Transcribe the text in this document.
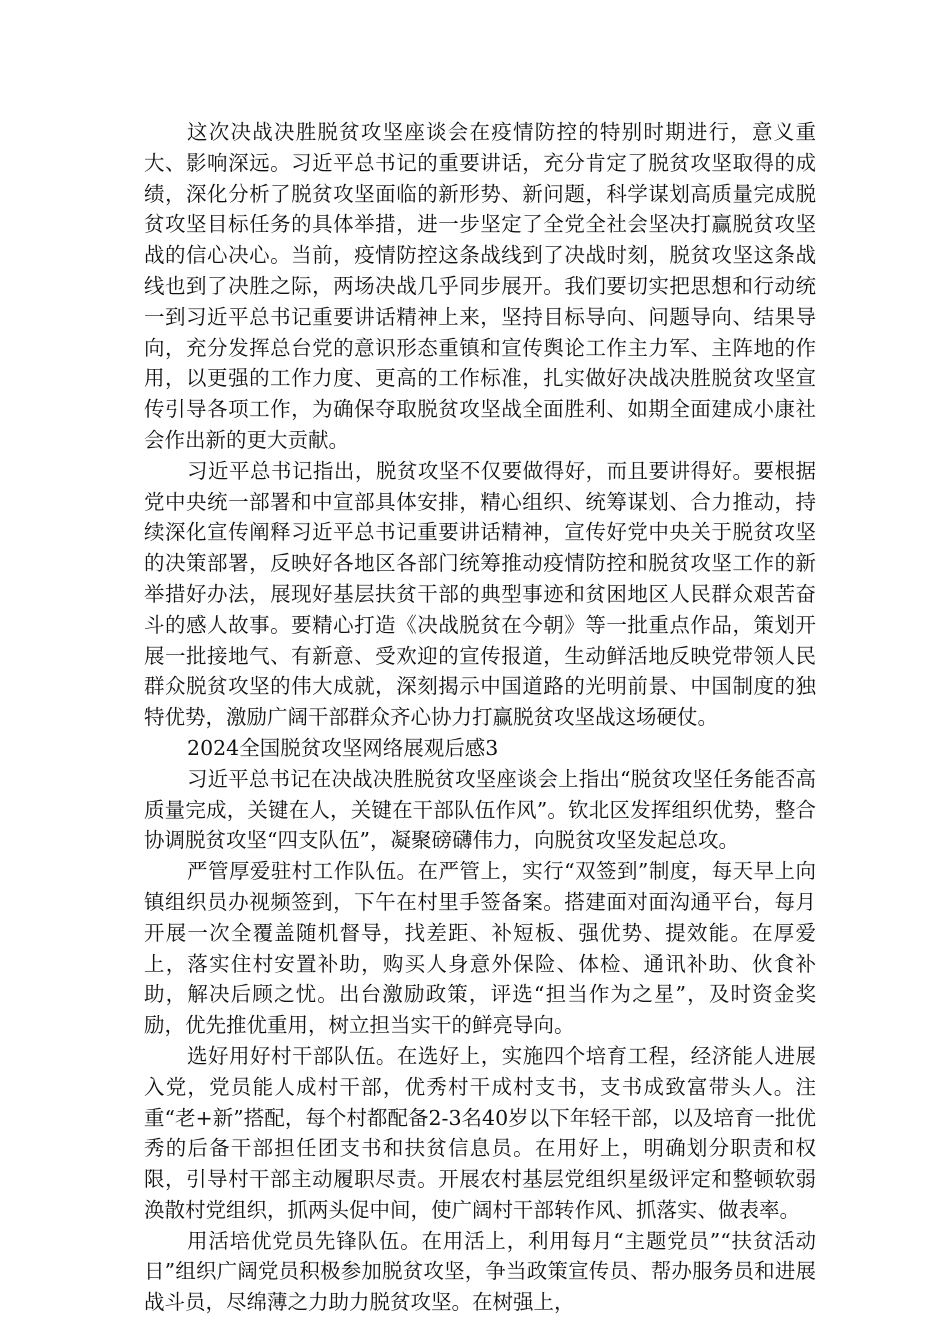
这次决战决胜脱贫攻坚座谈会在疫情防控的特别时期进行，意义重大、影响深远。习近平总书记的重要讲话，充分肯定了脱贫攻坚取得的成绩，深化分析了脱贫攻坚面临的新形势、新问题，科学谋划高质量完成脱贫攻坚目标任务的具体举措，进一步坚定了全党全社会坚决打赢脱贫攻坚战的信心决心。当前，疫情防控这条战线到了决战时刻，脱贫攻坚这条战线也到了决胜之际，两场决战几乎同步展开。我们要切实把思想和行动统一到习近平总书记重要讲话精神上来，坚持目标导向、问题导向、结果导向，充分发挥总台党的意识形态重镇和宣传舆论工作主力军、主阵地的作用，以更强的工作力度、更高的工作标准，扎实做好决战决胜脱贫攻坚宣传引导各项工作，为确保夺取脱贫攻坚战全面胜利、如期全面建成小康社会作出新的更大贡献。

习近平总书记指出，脱贫攻坚不仅要做得好，而且要讲得好。要根据党中央统一部署和中宣部具体安排，精心组织、统筹谋划、合力推动，持续深化宣传阐释习近平总书记重要讲话精神，宣传好党中央关于脱贫攻坚的决策部署，反映好各地区各部门统筹推动疫情防控和脱贫攻坚工作的新举措好办法，展现好基层扶贫干部的典型事迹和贫困地区人民群众艰苦奋斗的感人故事。要精心打造《决战脱贫在今朝》等一批重点作品，策划开展一批接地气、有新意、受欢迎的宣传报道，生动鲜活地反映党带领人民群众脱贫攻坚的伟大成就，深刻揭示中国道路的光明前景、中国制度的独特优势，激励广阔干部群众齐心协力打赢脱贫攻坚战这场硬仗。

2024全国脱贫攻坚网络展观后感3

习近平总书记在决战决胜脱贫攻坚座谈会上指出“脱贫攻坚任务能否高质量完成，关键在人，关键在干部队伍作风”。钦北区发挥组织优势，整合协调脱贫攻坚“四支队伍”，凝聚磅礴伟力，向脱贫攻坚发起总攻。

严管厚爱驻村工作队伍。在严管上，实行“双签到”制度，每天早上向镇组织员办视频签到，下午在村里手签备案。搭建面对面沟通平台，每月开展一次全覆盖随机督导，找差距、补短板、强优势、提效能。在厚爱上，落实住村安置补助，购买人身意外保险、体检、通讯补助、伙食补助，解决后顾之忧。出台激励政策，评选“担当作为之星”，及时资金奖励，优先推优重用，树立担当实干的鲜亮导向。

选好用好村干部队伍。在选好上，实施四个培育工程，经济能人进展入党，党员能人成村干部，优秀村干成村支书，支书成致富带头人。注重“老+新”搭配，每个村都配备2-3名40岁以下年轻干部，以及培育一批优秀的后备干部担任团支书和扶贫信息员。在用好上，明确划分职责和权限，引导村干部主动履职尽责。开展农村基层党组织星级评定和整顿软弱涣散村党组织，抓两头促中间，使广阔村干部转作风、抓落实、做表率。

用活培优党员先锋队伍。在用活上，利用每月“主题党员”“扶贫活动日”组织广阔党员积极参加脱贫攻坚，争当政策宣传员、帮办服务员和进展战斗员，尽绵薄之力助力脱贫攻坚。在树强上，
